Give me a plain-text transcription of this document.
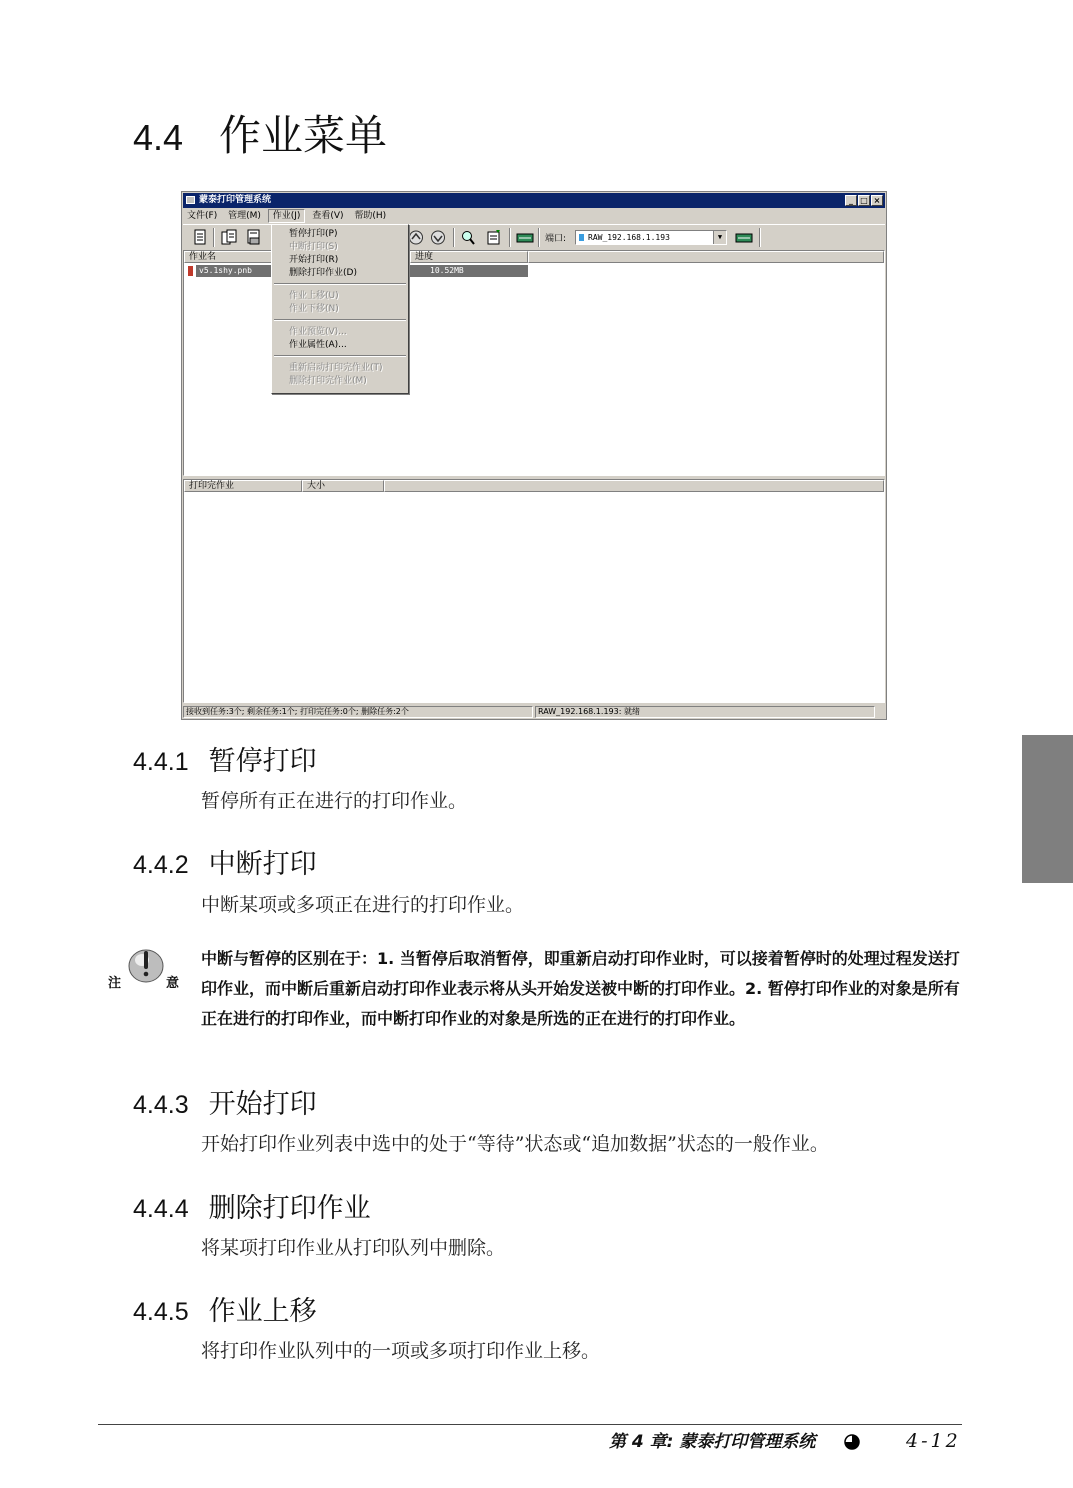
4.4 作业菜单
蒙泰打印管理系统	_ □ ×
文件(F) 管理(M) 作业(J) 查看(V) 帮助(H)
端口:	RAW_192.168.1.193	▼
作业名	进度
v5.1shy.pnb	10.52MB
打印完作业	大小
接收到任务:3个; 剩余任务:1个; 打印完任务:0个; 删除任务:2个	RAW_192.168.1.193: 就绪
暂停打印(P)
中断打印(S)
开始打印(R)
删除打印作业(D)
作业上移(U)
作业下移(N)
作业预览(V)...
作业属性(A)...
重新启动打印完作业(T)
删除打印完作业(M)
4.4.1 暂停打印
暂停所有正在进行的打印作业。
4.4.2 中断打印
中断某项或多项正在进行的打印作业。
注	意
中断与暂停的区别在于：1. 当暂停后取消暂停，即重新启动打印作业时，可以接着暂停时的处理过程发送打印作业，而中断后重新启动打印作业表示将从头开始发送被中断的打印作业。2. 暂停打印作业的对象是所有正在进行的打印作业，而中断打印作业的对象是所选的正在进行的打印作业。
4.4.3 开始打印
开始打印作业列表中选中的处于“等待”状态或“追加数据”状态的一般作业。
4.4.4 删除打印作业
将某项打印作业从打印队列中删除。
4.4.5 作业上移
将打印作业队列中的一项或多项打印作业上移。
第 4 章: 蒙泰打印管理系统	4-12
